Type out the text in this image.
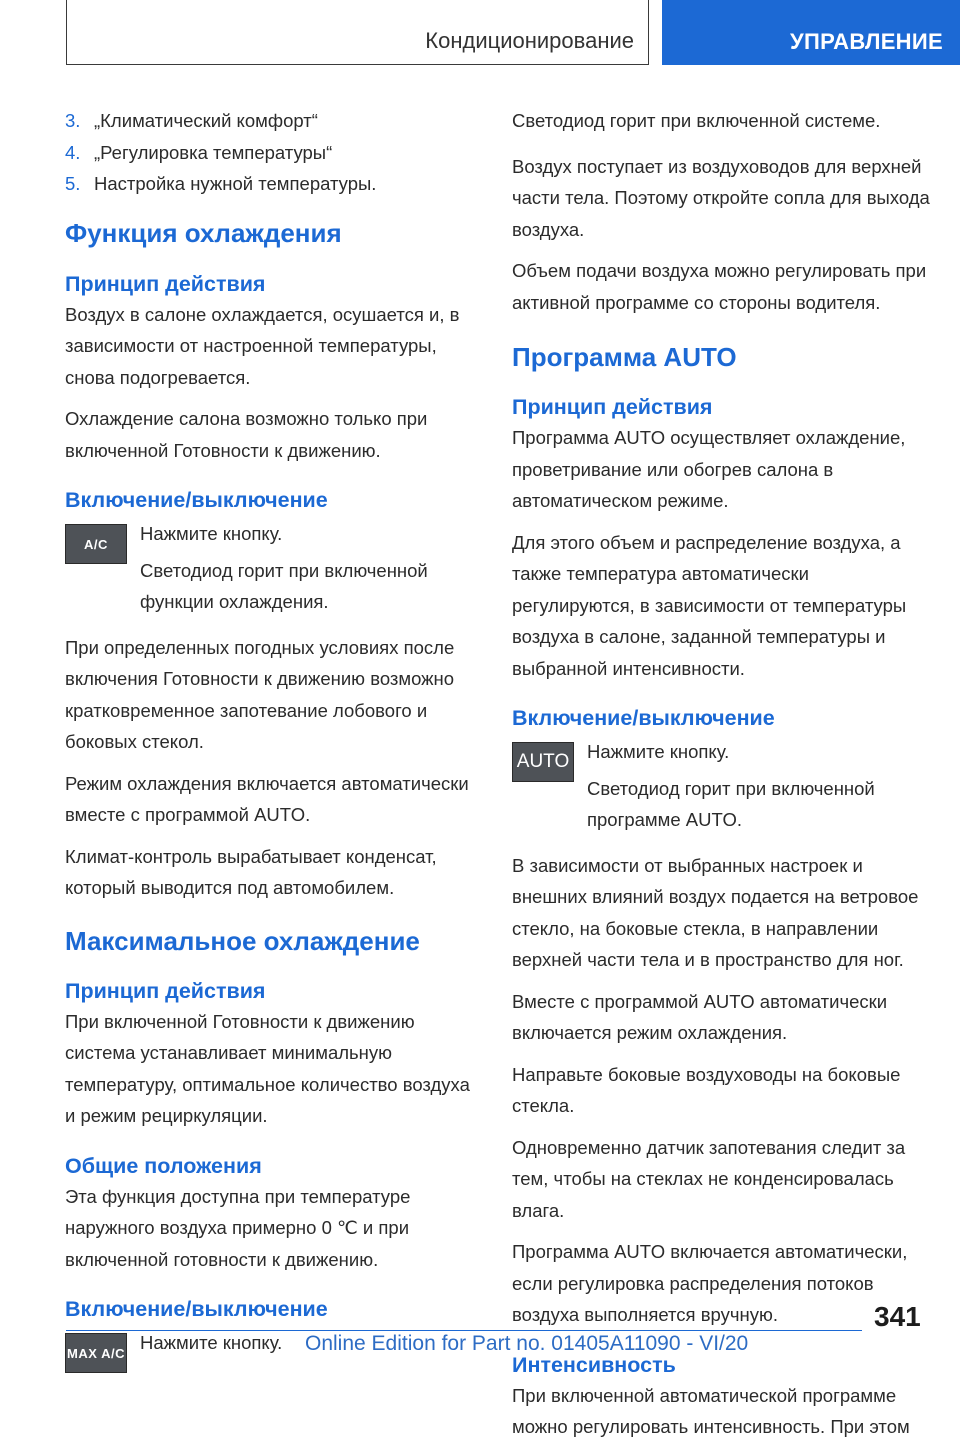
Кондиционирование	УПРАВЛЕНИЕ
3. „Климатический комфорт“
4. „Регулировка температуры“
5. Настройка нужной температуры.
Функция охлаждения
Принцип действия

Воздух в салоне охлаждается, осушается и, в зависимости от настроенной температуры, снова подогревается.

Охлаждение салона возможно только при включенной Готовности к движению.

Включение/выключение
A/C	Нажмите кнопку.

Светодиод горит при включенной функции охлаждения.

При определенных погодных условиях после включения Готовности к движению возможно кратковременное запотевание лобового и боковых стекол.

Режим охлаждения включается автоматически вместе с программой AUTO.

Климат-контроль вырабатывает конденсат, который выводится под автомобилем.

Максимальное охлаждение
Принцип действия

При включенной Готовности к движению система устанавливает минимальную температуру, оптимальное количество воздуха и режим рециркуляции.

Общие положения

Эта функция доступна при температуре наружного воздуха примерно 0 ℃ и при включенной готовности к движению.

Включение/выключение
MAX A/C Нажмите кнопку.

Светодиод горит при включенной системе.

Воздух поступает из воздуховодов для верхней части тела. Поэтому откройте сопла для выхода воздуха.

Объем подачи воздуха можно регулировать при активной программе со стороны водителя.

Программа AUTO
Принцип действия

Программа AUTO осуществляет охлаждение, проветривание или обогрев салона в автоматическом режиме.

Для этого объем и распределение воздуха, а также температура автоматически регулируются, в зависимости от температуры воздуха в салоне, заданной температуры и выбранной интенсивности.

Включение/выключение
AUTO Нажмите кнопку.

Светодиод горит при включенной программе AUTO.

В зависимости от выбранных настроек и внешних влияний воздух подается на ветровое стекло, на боковые стекла, в направлении верхней части тела и в пространство для ног.

Вместе с программой AUTO автоматически включается режим охлаждения.

Направьте боковые воздуховоды на боковые стекла.

Одновременно датчик запотевания следит за тем, чтобы на стеклах не конденсировалась влага.

Программа AUTO включается автоматически, если регулировка распределения потоков воздуха выполняется вручную.

Интенсивность

При включенной автоматической программе можно регулировать интенсивность. При этом

341
Online Edition for Part no. 01405A11090 - VI/20
